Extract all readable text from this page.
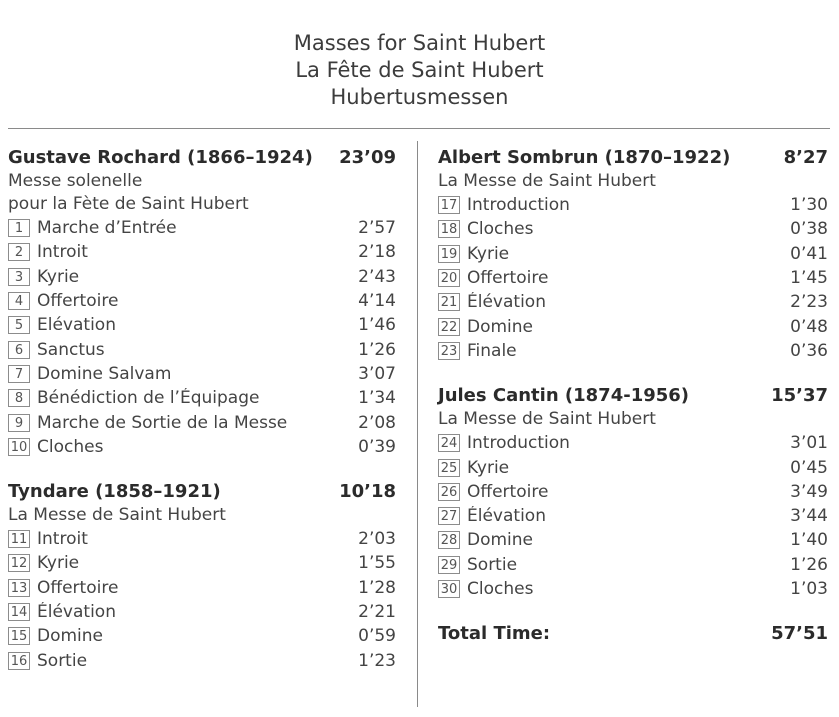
Masses for Saint Hubert
La Fête de Saint Hubert
Hubertusmessen
Gustave Rochard (1866–1924) 23’09
Messe solenelle
pour la Fète de Saint Hubert
1 Marche d’Entrée	2’57
2 Introit	2’18
3 Kyrie	2’43
4 Offertoire	4’14
5 Elévation	1’46
6 Sanctus	1’26
7 Domine Salvam	3’07
8 Bénédiction de l’Équipage	1’34
9 Marche de Sortie de la Messe	2’08
10 Cloches	0’39
Tyndare (1858–1921)	10’18
La Messe de Saint Hubert
11 Introit	2’03
12 Kyrie	1’55
13 Offertoire	1’28
14 Élévation	2’21
15 Domine	0’59
16 Sortie	1’23
Albert Sombrun (1870–1922)	8’27
La Messe de Saint Hubert
17 Introduction	1’30
18 Cloches	0’38
19 Kyrie	0’41
20 Offertoire	1’45
21 Élévation	2’23
22 Domine	0’48
23 Finale	0’36
Jules Cantin (1874-1956)	15’37
La Messe de Saint Hubert
24 Introduction	3’01
25 Kyrie	0’45
26 Offertoire	3’49
27 Élévation	3’44
28 Domine	1’40
29 Sortie	1’26
30 Cloches	1’03
Total Time:	57’51
